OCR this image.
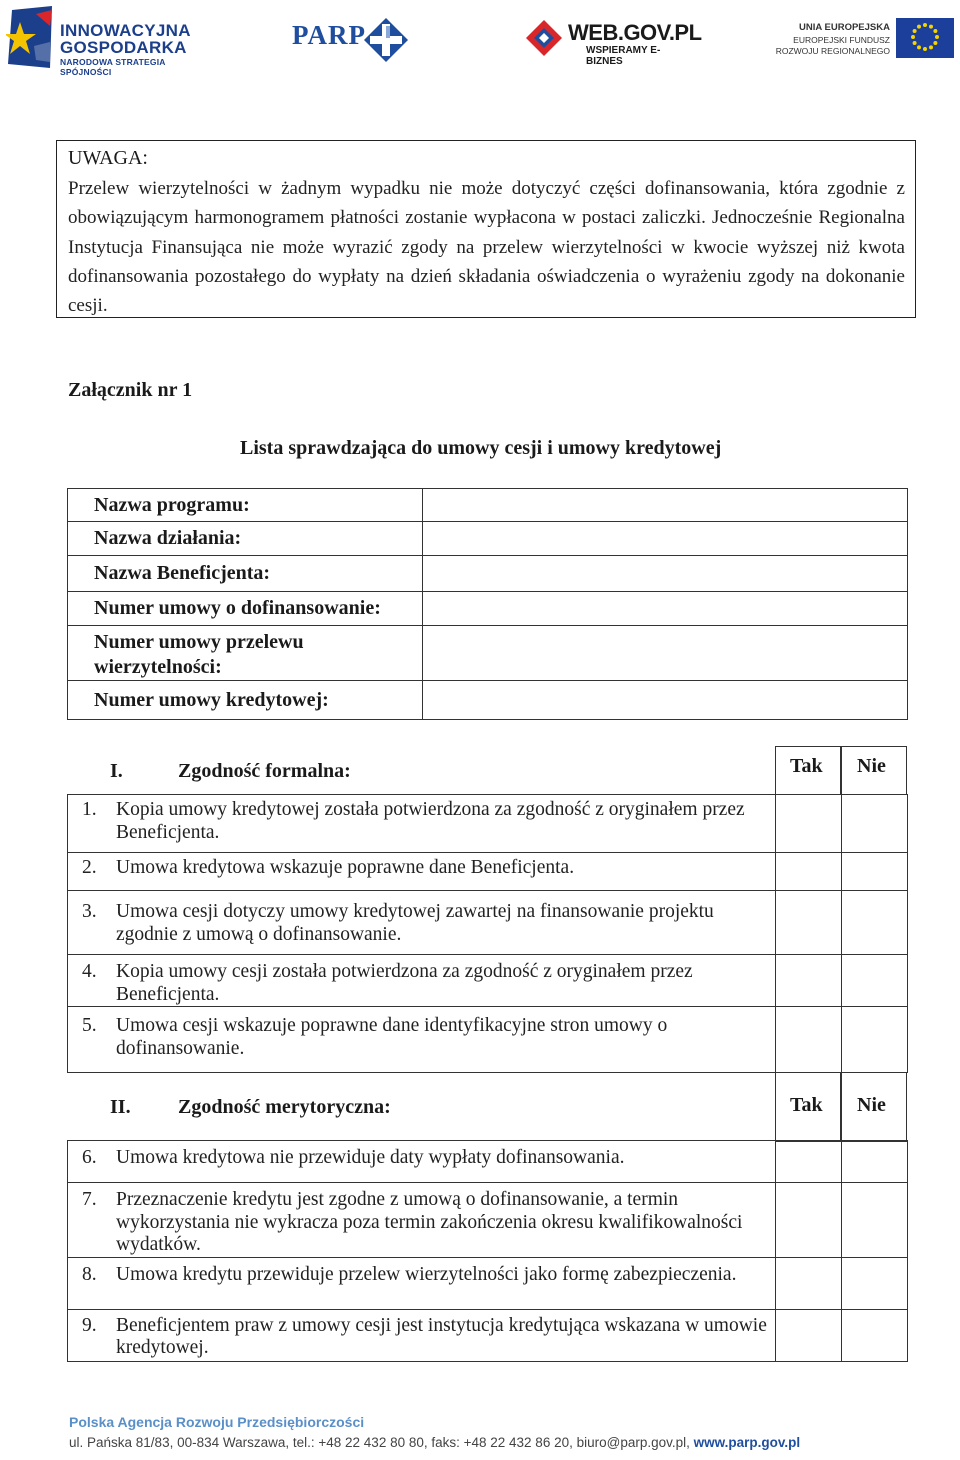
INNOWACYJNA
GOSPODARKA
NARODOWA STRATEGIA SPÓJNOŚCI
PARP	WEB.GOV.PL
WSPIERAMY E-BIZNES
UNIA EUROPEJSKA
EUROPEJSKI FUNDUSZ
ROZWOJU REGIONALNEGO
UWAGA:
Przelew wierzytelności w żadnym wypadku nie może dotyczyć części dofinansowania, która zgodnie z obowiązującym harmonogramem płatności zostanie wypłacona w postaci zaliczki. Jednocześnie Regionalna Instytucja Finansująca nie może wyrazić zgody na przelew wierzytelności w kwocie wyższej niż kwota dofinansowania pozostałego do wypłaty na dzień składania oświadczenia o wyrażeniu zgody na dokonanie cesji.
Załącznik nr 1
Lista sprawdzająca do umowy cesji i umowy kredytowej
Nazwa programu:	
Nazwa działania:	
Nazwa Beneficjenta:	
Numer umowy o dofinansowanie:	
Numer umowy przelewu wierzytelności:	
Numer umowy kredytowej:	
I.	Zgodność formalna:	Tak Nie
1. Kopia umowy kredytowej została potwierdzona za zgodność z oryginałem przez Beneficjenta.		

2. Umowa kredytowa wskazuje poprawne dane Beneficjenta.		

3. Umowa cesji dotyczy umowy kredytowej zawartej na finansowanie projektu zgodnie z umową o dofinansowanie.		

4. Kopia umowy cesji została potwierdzona za zgodność z oryginałem przez Beneficjenta.		

5. Umowa cesji wskazuje poprawne dane identyfikacyjne stron umowy o dofinansowanie.		

II. Zgodność merytoryczna:	Tak Nie
6. Umowa kredytowa nie przewiduje daty wypłaty dofinansowania.		

7. Przeznaczenie kredytu jest zgodne z umową o dofinansowanie, a termin wykorzystania nie wykracza poza termin zakończenia okresu kwalifikowalności wydatków.		

8. Umowa kredytu przewiduje przelew wierzytelności jako formę zabezpieczenia.		

9. Beneficjentem praw z umowy cesji jest instytucja kredytująca wskazana w umowie kredytowej.		

Polska Agencja Rozwoju Przedsiębiorczości
ul. Pańska 81/83, 00-834 Warszawa, tel.: +48 22 432 80 80, faks: +48 22 432 86 20, biuro@parp.gov.pl, www.parp.gov.pl
